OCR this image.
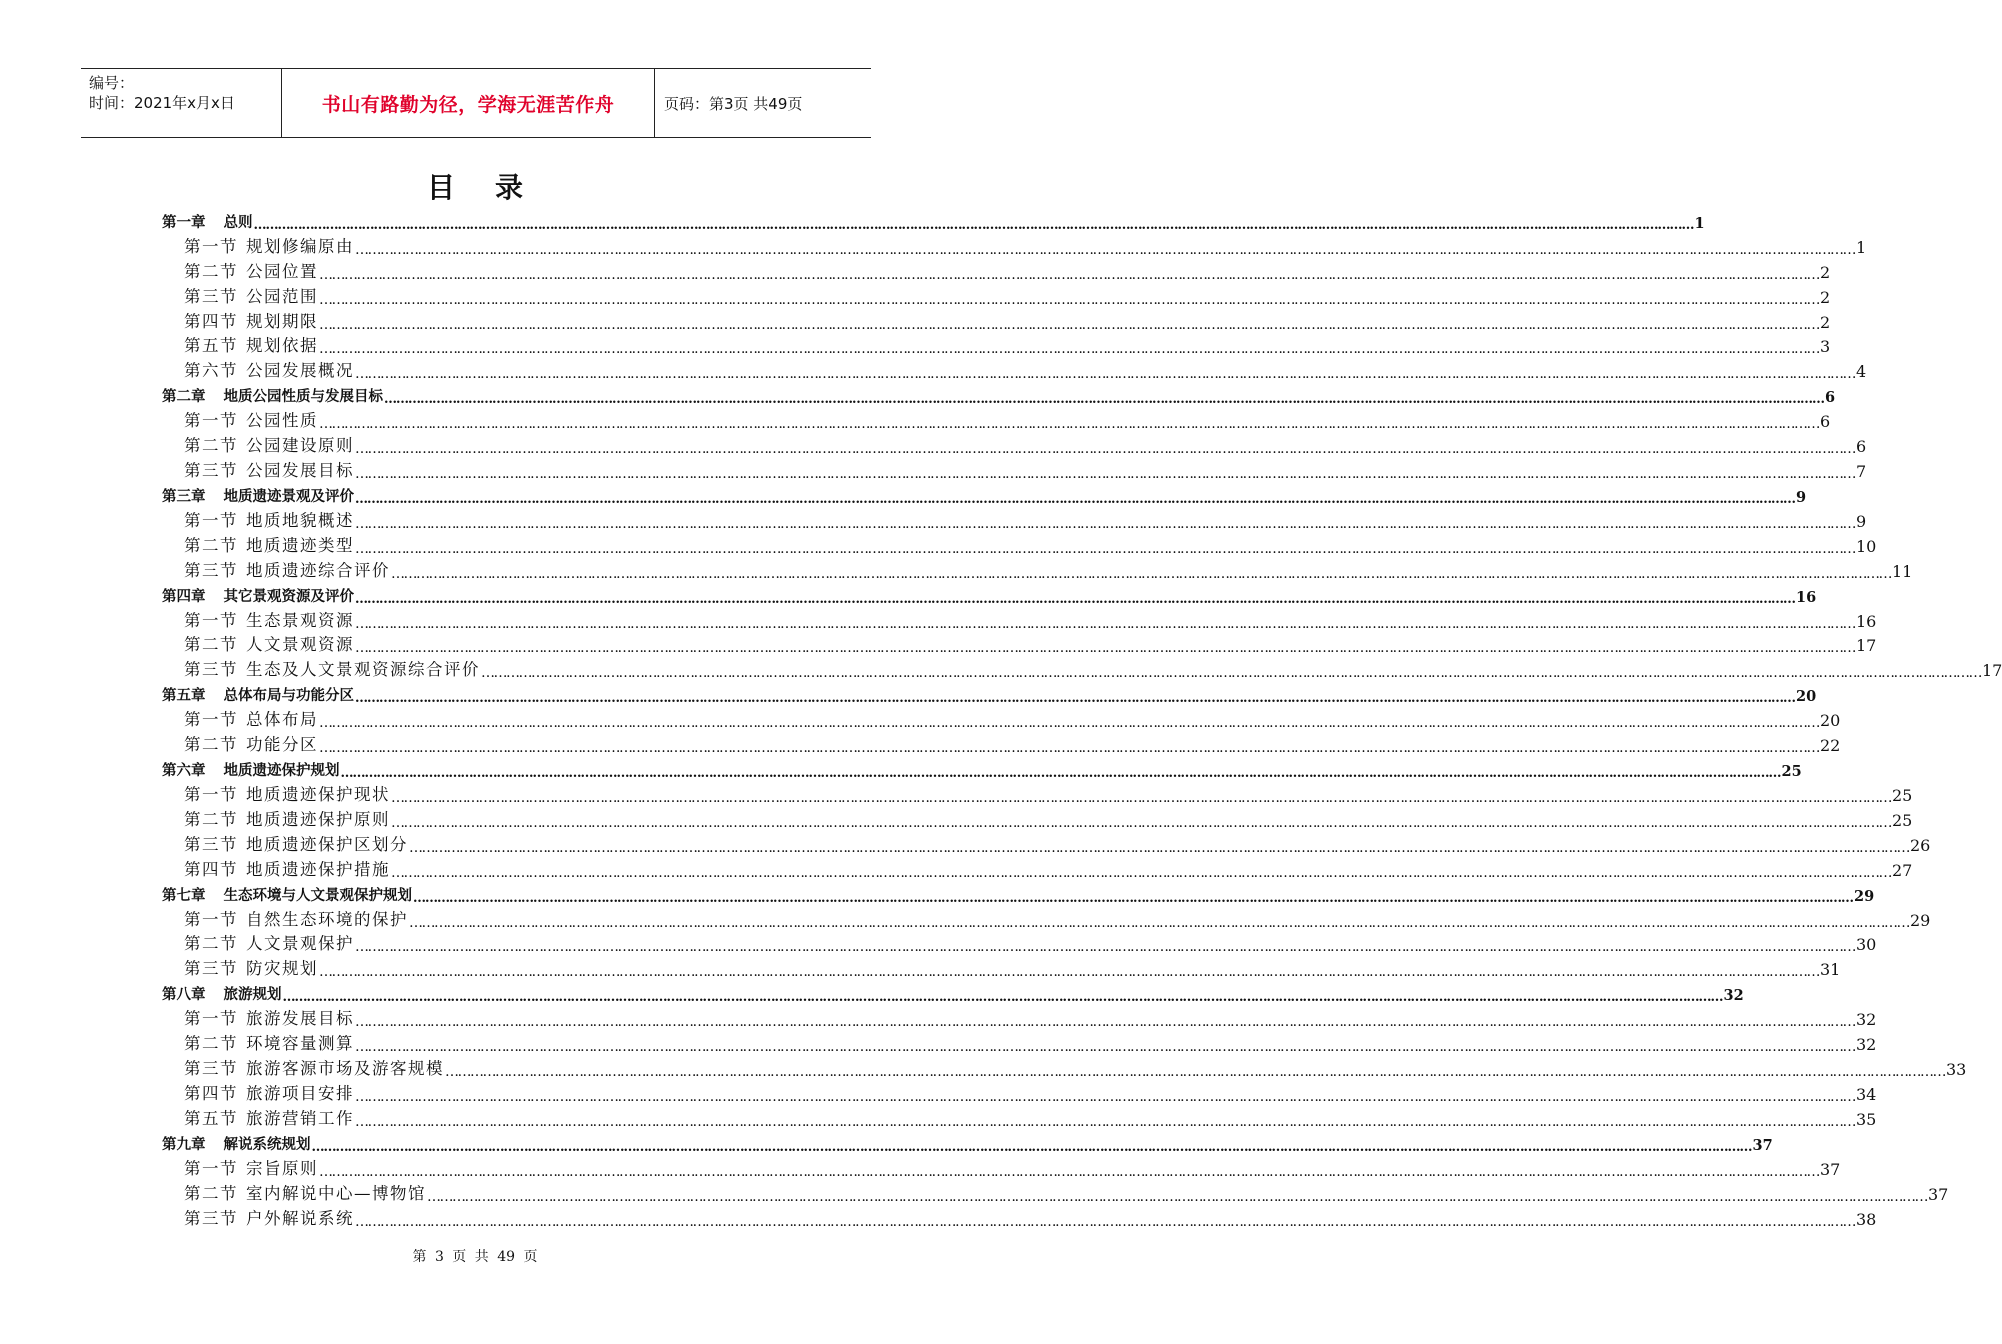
编号：
时间：2021年x月x日	书山有路勤为径，学海无涯苦作舟	页码：第3页 共49页
目录
第一章 总则 ……………………………………………………………………………………………………………………………………………………………………………………………………………………………………………………………………………………………………………………………… 1
第一节 规划修编原由 ……………………………………………………………………………………………………………………………………………………………………………………………………………………………………………………………………………………………………………………………… 1
第二节 公园位置 ……………………………………………………………………………………………………………………………………………………………………………………………………………………………………………………………………………………………………………………………… 2
第三节 公园范围 ……………………………………………………………………………………………………………………………………………………………………………………………………………………………………………………………………………………………………………………………… 2
第四节 规划期限 ……………………………………………………………………………………………………………………………………………………………………………………………………………………………………………………………………………………………………………………………… 2
第五节 规划依据 ……………………………………………………………………………………………………………………………………………………………………………………………………………………………………………………………………………………………………………………………… 3
第六节 公园发展概况 ……………………………………………………………………………………………………………………………………………………………………………………………………………………………………………………………………………………………………………………………… 4
第二章 地质公园性质与发展目标 ……………………………………………………………………………………………………………………………………………………………………………………………………………………………………………………………………………………………………………………………… 6
第一节 公园性质 ……………………………………………………………………………………………………………………………………………………………………………………………………………………………………………………………………………………………………………………………… 6
第二节 公园建设原则 ……………………………………………………………………………………………………………………………………………………………………………………………………………………………………………………………………………………………………………………………… 6
第三节 公园发展目标 ……………………………………………………………………………………………………………………………………………………………………………………………………………………………………………………………………………………………………………………………… 7
第三章 地质遗迹景观及评价 ……………………………………………………………………………………………………………………………………………………………………………………………………………………………………………………………………………………………………………………………… 9
第一节 地质地貌概述 ……………………………………………………………………………………………………………………………………………………………………………………………………………………………………………………………………………………………………………………………… 9
第二节 地质遗迹类型 ……………………………………………………………………………………………………………………………………………………………………………………………………………………………………………………………………………………………………………………………… 10
第三节 地质遗迹综合评价 ……………………………………………………………………………………………………………………………………………………………………………………………………………………………………………………………………………………………………………………………… 11
第四章 其它景观资源及评价 ……………………………………………………………………………………………………………………………………………………………………………………………………………………………………………………………………………………………………………………………… 16
第一节 生态景观资源 ……………………………………………………………………………………………………………………………………………………………………………………………………………………………………………………………………………………………………………………………… 16
第二节 人文景观资源 ……………………………………………………………………………………………………………………………………………………………………………………………………………………………………………………………………………………………………………………………… 17
第三节 生态及人文景观资源综合评价 ……………………………………………………………………………………………………………………………………………………………………………………………………………………………………………………………………………………………………………………………… 17
第五章 总体布局与功能分区 ……………………………………………………………………………………………………………………………………………………………………………………………………………………………………………………………………………………………………………………………… 20
第一节 总体布局 ……………………………………………………………………………………………………………………………………………………………………………………………………………………………………………………………………………………………………………………………… 20
第二节 功能分区 ……………………………………………………………………………………………………………………………………………………………………………………………………………………………………………………………………………………………………………………………… 22
第六章 地质遗迹保护规划 ……………………………………………………………………………………………………………………………………………………………………………………………………………………………………………………………………………………………………………………………… 25
第一节 地质遗迹保护现状 ……………………………………………………………………………………………………………………………………………………………………………………………………………………………………………………………………………………………………………………………… 25
第二节 地质遗迹保护原则 ……………………………………………………………………………………………………………………………………………………………………………………………………………………………………………………………………………………………………………………………… 25
第三节 地质遗迹保护区划分 ……………………………………………………………………………………………………………………………………………………………………………………………………………………………………………………………………………………………………………………………… 26
第四节 地质遗迹保护措施 ……………………………………………………………………………………………………………………………………………………………………………………………………………………………………………………………………………………………………………………………… 27
第七章 生态环境与人文景观保护规划 ……………………………………………………………………………………………………………………………………………………………………………………………………………………………………………………………………………………………………………………………… 29
第一节 自然生态环境的保护 ……………………………………………………………………………………………………………………………………………………………………………………………………………………………………………………………………………………………………………………………… 29
第二节 人文景观保护 ……………………………………………………………………………………………………………………………………………………………………………………………………………………………………………………………………………………………………………………………… 30
第三节 防灾规划 ……………………………………………………………………………………………………………………………………………………………………………………………………………………………………………………………………………………………………………………………… 31
第八章 旅游规划 ……………………………………………………………………………………………………………………………………………………………………………………………………………………………………………………………………………………………………………………………… 32
第一节 旅游发展目标 ……………………………………………………………………………………………………………………………………………………………………………………………………………………………………………………………………………………………………………………………… 32
第二节 环境容量测算 ……………………………………………………………………………………………………………………………………………………………………………………………………………………………………………………………………………………………………………………………… 32
第三节 旅游客源市场及游客规模 ……………………………………………………………………………………………………………………………………………………………………………………………………………………………………………………………………………………………………………………………… 33
第四节 旅游项目安排 ……………………………………………………………………………………………………………………………………………………………………………………………………………………………………………………………………………………………………………………………… 34
第五节 旅游营销工作 ……………………………………………………………………………………………………………………………………………………………………………………………………………………………………………………………………………………………………………………………… 35
第九章 解说系统规划 ……………………………………………………………………………………………………………………………………………………………………………………………………………………………………………………………………………………………………………………………… 37
第一节 宗旨原则 ……………………………………………………………………………………………………………………………………………………………………………………………………………………………………………………………………………………………………………………………… 37
第二节 室内解说中心—博物馆 ……………………………………………………………………………………………………………………………………………………………………………………………………………………………………………………………………………………………………………………………… 37
第三节 户外解说系统 ……………………………………………………………………………………………………………………………………………………………………………………………………………………………………………………………………………………………………………………………… 38
第 3 页 共 49 页
